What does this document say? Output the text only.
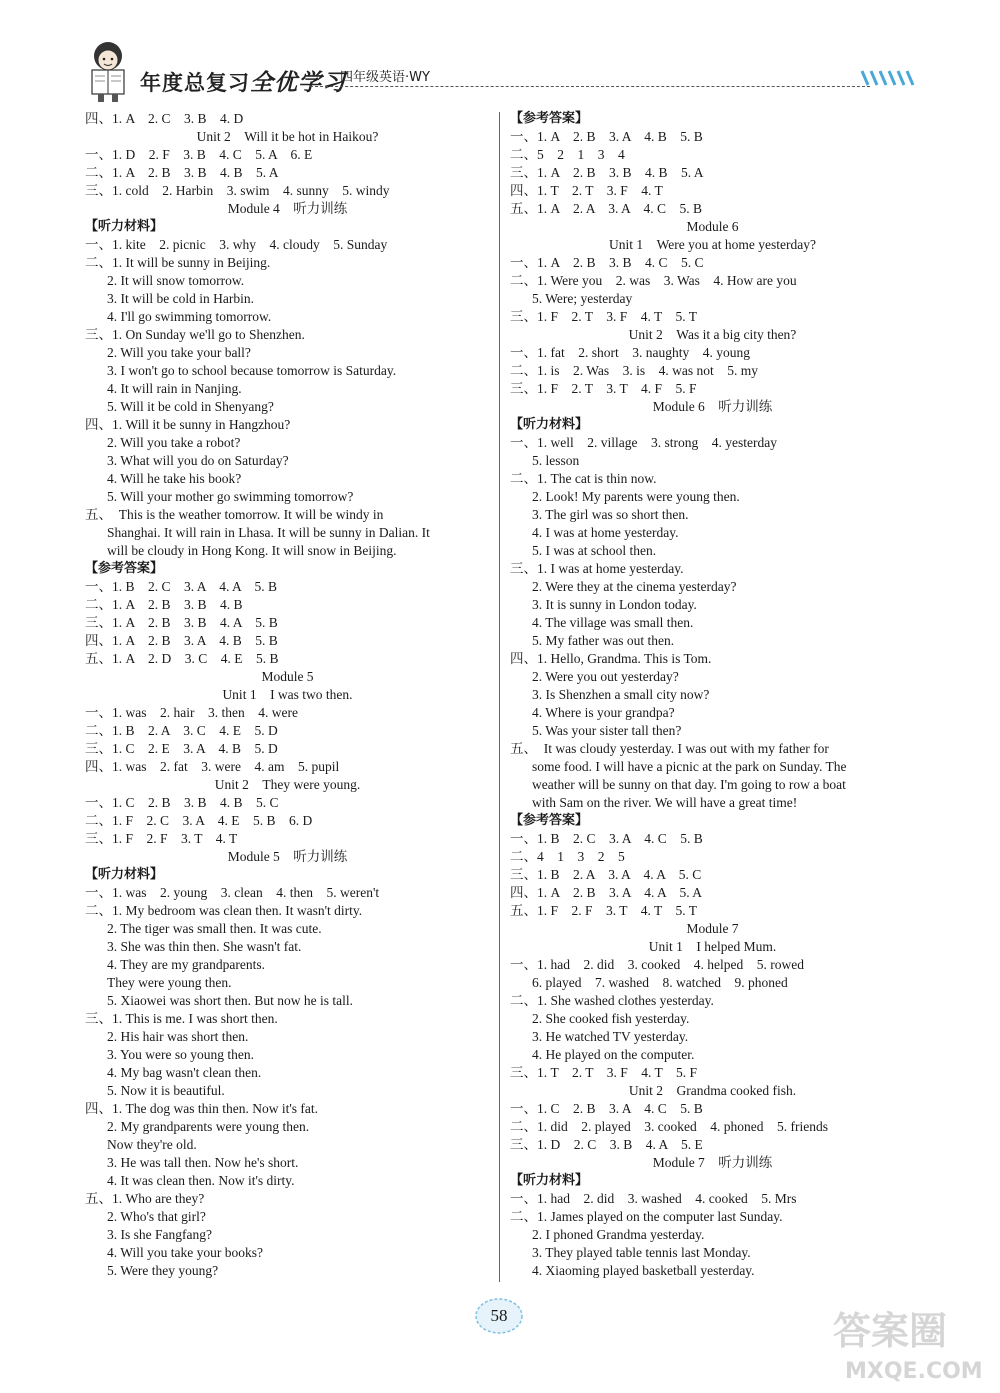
年度总复习全优学习
四年级英语·WY
四、1. A　2. C　3. B　4. D
Unit 2　Will it be hot in Haikou?
一、1. D　2. F　3. B　4. C　5. A　6. E
二、1. A　2. B　3. B　4. B　5. A
三、1. cold　2. Harbin　3. swim　4. sunny　5. windy
Module 4　听力训练
【听力材料】
一、1. kite　2. picnic　3. why　4. cloudy　5. Sunday
二、1. It will be sunny in Beijing.
2. It will snow tomorrow.
3. It will be cold in Harbin.
4. I'll go swimming tomorrow.
三、1. On Sunday we'll go to Shenzhen.
2. Will you take your ball?
3. I won't go to school because tomorrow is Saturday.
4. It will rain in Nanjing.
5. Will it be cold in Shenyang?
四、1. Will it be sunny in Hangzhou?
2. Will you take a robot?
3. What will you do on Saturday?
4. Will he take his book?
5. Will your mother go swimming tomorrow?
五、　This is the weather tomorrow. It will be windy in
Shanghai. It will rain in Lhasa. It will be sunny in Dalian. It
will be cloudy in Hong Kong. It will snow in Beijing.
【参考答案】
一、1. B　2. C　3. A　4. A　5. B
二、1. A　2. B　3. B　4. B
三、1. A　2. B　3. B　4. A　5. B
四、1. A　2. B　3. A　4. B　5. B
五、1. A　2. D　3. C　4. E　5. B
Module 5
Unit 1　I was two then.
一、1. was　2. hair　3. then　4. were
二、1. B　2. A　3. C　4. E　5. D
三、1. C　2. E　3. A　4. B　5. D
四、1. was　2. fat　3. were　4. am　5. pupil
Unit 2　They were young.
一、1. C　2. B　3. B　4. B　5. C
二、1. F　2. C　3. A　4. E　5. B　6. D
三、1. F　2. F　3. T　4. T
Module 5　听力训练
【听力材料】
一、1. was　2. young　3. clean　4. then　5. weren't
二、1. My bedroom was clean then. It wasn't dirty.
2. The tiger was small then. It was cute.
3. She was thin then. She wasn't fat.
4. They are my grandparents.
They were young then.
5. Xiaowei was short then. But now he is tall.
三、1. This is me. I was short then.
2. His hair was short then.
3. You were so young then.
4. My bag wasn't clean then.
5. Now it is beautiful.
四、1. The dog was thin then. Now it's fat.
2. My grandparents were young then.
Now they're old.
3. He was tall then. Now he's short.
4. It was clean then. Now it's dirty.
五、1. Who are they?
2. Who's that girl?
3. Is she Fangfang?
4. Will you take your books?
5. Were they young?
【参考答案】
一、1. A　2. B　3. A　4. B　5. B
二、5　2　1　3　4
三、1. A　2. B　3. B　4. B　5. A
四、1. T　2. T　3. F　4. T
五、1. A　2. A　3. A　4. C　5. B
Module 6
Unit 1　Were you at home yesterday?
一、1. A　2. B　3. B　4. C　5. C
二、1. Were you　2. was　3. Was　4. How are you
5. Were; yesterday
三、1. F　2. T　3. F　4. T　5. T
Unit 2　Was it a big city then?
一、1. fat　2. short　3. naughty　4. young
二、1. is　2. Was　3. is　4. was not　5. my
三、1. F　2. T　3. T　4. F　5. F
Module 6　听力训练
【听力材料】
一、1. well　2. village　3. strong　4. yesterday
5. lesson
二、1. The cat is thin now.
2. Look! My parents were young then.
3. The girl was so short then.
4. I was at home yesterday.
5. I was at school then.
三、1. I was at home yesterday.
2. Were they at the cinema yesterday?
3. It is sunny in London today.
4. The village was small then.
5. My father was out then.
四、1. Hello, Grandma. This is Tom.
2. Were you out yesterday?
3. Is Shenzhen a small city now?
4. Where is your grandpa?
5. Was your sister tall then?
五、　It was cloudy yesterday. I was out with my father for
some food. I will have a picnic at the park on Sunday. The
weather will be sunny on that day. I'm going to row a boat
with Sam on the river. We will have a great time!
【参考答案】
一、1. B　2. C　3. A　4. C　5. B
二、4　1　3　2　5
三、1. B　2. A　3. A　4. A　5. C
四、1. A　2. B　3. A　4. A　5. A
五、1. F　2. F　3. T　4. T　5. T
Module 7
Unit 1　I helped Mum.
一、1. had　2. did　3. cooked　4. helped　5. rowed
6. played　7. washed　8. watched　9. phoned
二、1. She washed clothes yesterday.
2. She cooked fish yesterday.
3. He watched TV yesterday.
4. He played on the computer.
三、1. T　2. T　3. F　4. T　5. F
Unit 2　Grandma cooked fish.
一、1. C　2. B　3. A　4. C　5. B
二、1. did　2. played　3. cooked　4. phoned　5. friends
三、1. D　2. C　3. B　4. A　5. E
Module 7　听力训练
【听力材料】
一、1. had　2. did　3. washed　4. cooked　5. Mrs
二、1. James played on the computer last Sunday.
2. I phoned Grandma yesterday.
3. They played table tennis last Monday.
4. Xiaoming played basketball yesterday.
58	答案圈
MXQE.COM
